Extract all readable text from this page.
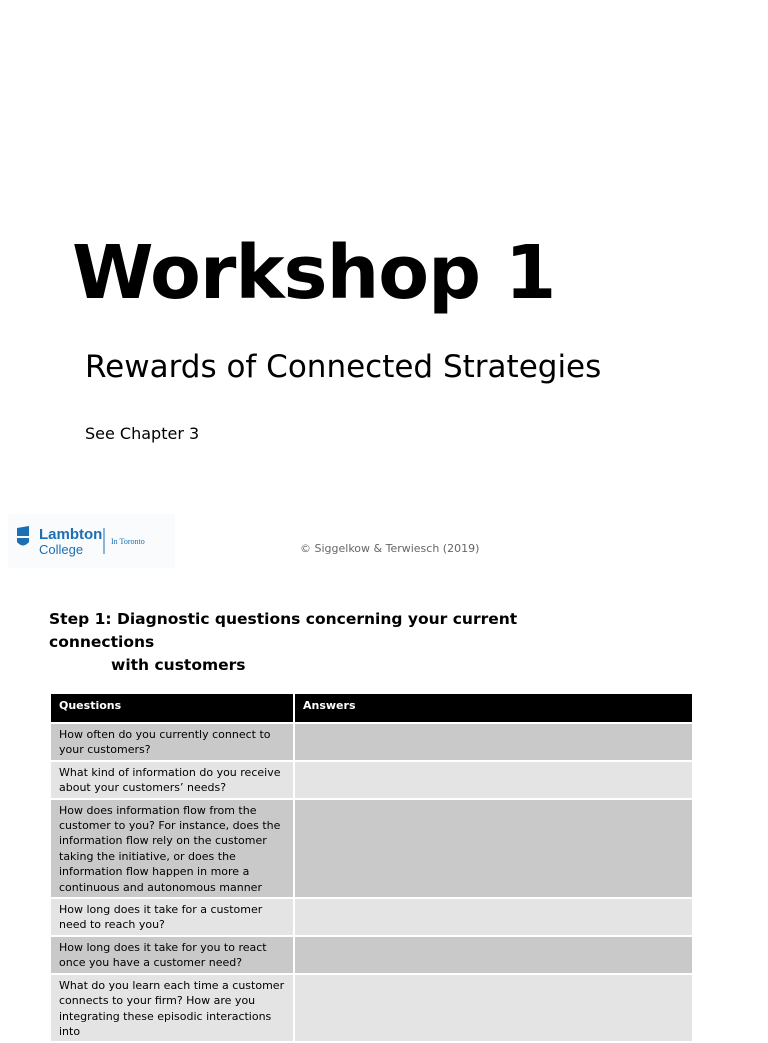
Workshop 1
Rewards of Connected Strategies
See Chapter 3
Lambton
College
In Toronto
© Siggelkow & Terwiesch (2019)
Step 1: Diagnostic questions concerning your current connections
with customers
Questions	Answers
How often do you currently connect to your customers?	
What kind of information do you receive about your customers’ needs?	
How does information flow from the customer to you? For instance, does the information flow rely on the customer taking the initiative, or does the information flow happen in more a continuous and autonomous manner	
How long does it take for a customer need to reach you?	
How long does it take for you to react once you have a customer need?	
What do you learn each time a customer connects to your firm? How are you integrating these episodic interactions into	
